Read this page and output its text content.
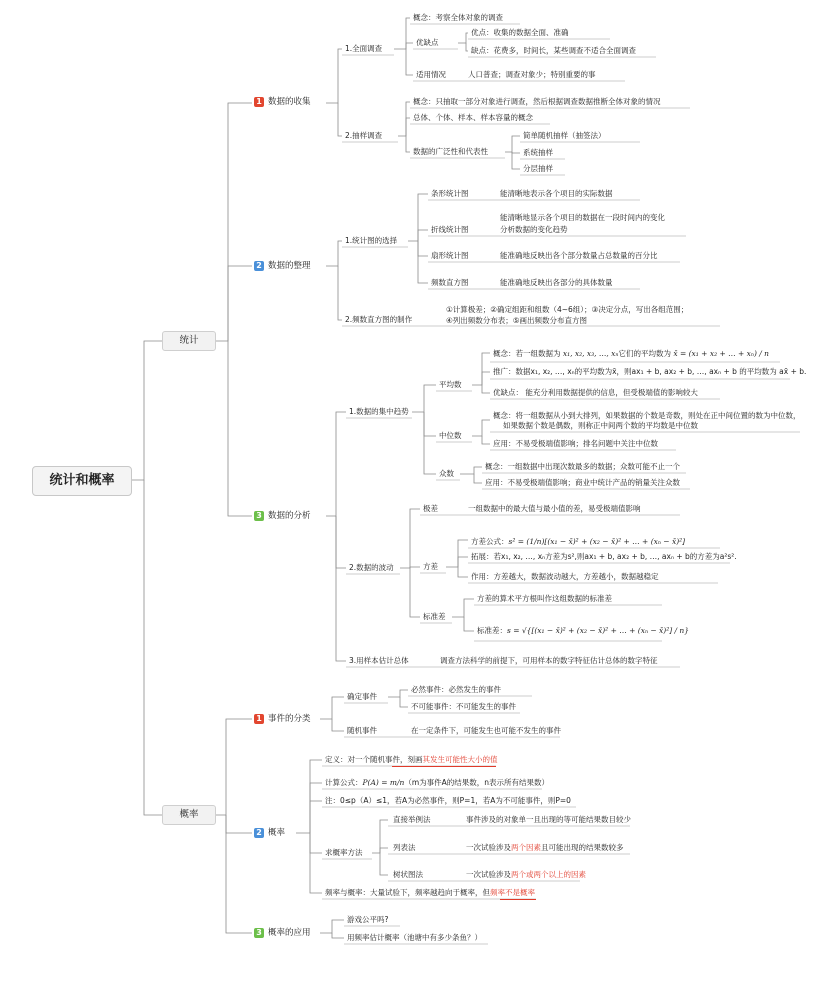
统计和概率
统计
1 数据的收集
1.全面调查
概念：考察全体对象的调查
优缺点
优点：收集的数据全面、准确
缺点：花费多，时间长，某些调查不适合全面调查
适用情况	人口普查；调查对象少；特别重要的事
2.抽样调查
概念：只抽取一部分对象进行调查，然后根据调查数据推断全体对象的情况
总体、个体、样本、样本容量的概念
数据的广泛性和代表性
简单随机抽样（抽签法）
系统抽样
分层抽样
2 数据的整理
1.统计图的选择
条形统计图	能清晰地表示各个项目的实际数据
折线统计图
能清晰地显示各个项目的数据在一段时间内的变化
分析数据的变化趋势
扇形统计图	能准确地反映出各个部分数量占总数量的百分比
频数直方图	能准确地反映出各部分的具体数量
2.频数直方图的制作
①计算极差；②确定组距和组数（4~6组）；③决定分点，写出各组范围；
④列出频数分布表；⑤画出频数分布直方图
3 数据的分析
1.数据的集中趋势
平均数
概念：若一组数据为 x₁, x₂, x₃, …, xₙ它们的平均数为 x̄ = (x₁ + x₂ + … + xₙ) / n
推广：数据x₁, x₂, …, xₙ的平均数为x̄，则ax₁ + b, ax₂ + b, …, axₙ + b 的平均数为 ax̄ + b.
优缺点： 能充分利用数据提供的信息，但受极端值的影响较大
中位数
概念：将一组数据从小到大排列，如果数据的个数是奇数，则处在正中间位置的数为中位数，
如果数据个数是偶数，则称正中间两个数的平均数是中位数
应用：不易受极端值影响；排名问题中关注中位数
众数
概念：一组数据中出现次数最多的数据；众数可能不止一个
应用：不易受极端值影响；商业中统计产品的销量关注众数
2.数据的波动
极差	一组数据中的最大值与最小值的差，易受极端值影响
方差
方差公式：s² = (1/n)[(x₁ − x̄)² + (x₂ − x̄)² + … + (xₙ − x̄)²]
拓展：若x₁, x₂, …, xₙ方差为s²,则ax₁ + b, ax₂ + b, …, axₙ + b的方差为a²s².
作用：方差越大，数据波动越大，方差越小，数据越稳定
标准差
方差的算术平方根叫作这组数据的标准差
标准差：s = √{[(x₁ − x̄)² + (x₂ − x̄)² + … + (xₙ − x̄)²] / n}
3.用样本估计总体	调查方法科学的前提下，可用样本的数字特征估计总体的数字特征
概率
1 事件的分类
确定事件
必然事件：必然发生的事件
不可能事件：不可能发生的事件
随机事件	在一定条件下，可能发生也可能不发生的事件
2 概率
定义：对一个随机事件，刻画其发生可能性大小的值
计算公式：P(A) = m/n（m为事件A的结果数，n表示所有结果数）
注：0≤p（A）≤1，若A为必然事件，则P=1，若A为不可能事件，则P=0
求概率方法
直接举例法	事件涉及的对象单一且出现的等可能结果数目较少
列表法	一次试验涉及两个因素且可能出现的结果数较多
树状图法	一次试验涉及两个或两个以上的因素
频率与概率：大量试验下，频率越趋向于概率，但频率不是概率
3 概率的应用
游戏公平吗?
用频率估计概率（池塘中有多少条鱼？）
